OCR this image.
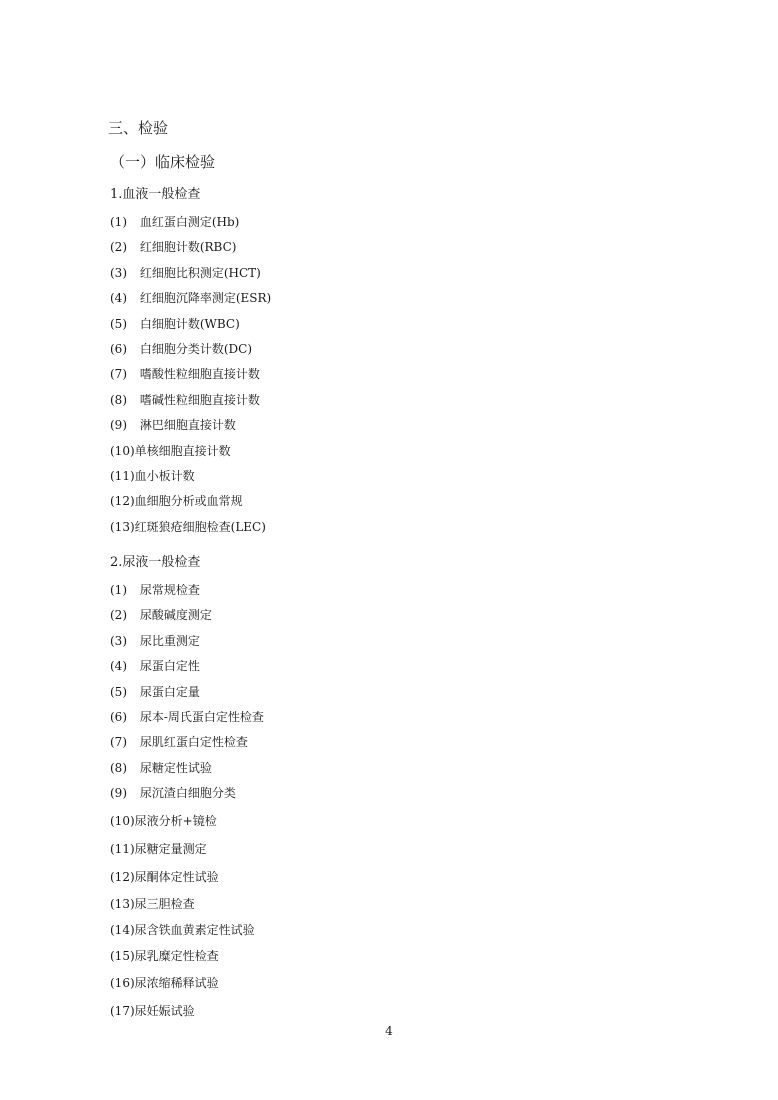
三、检验
（一）临床检验
1.血液一般检查
(1) 血红蛋白测定(Hb)
(2) 红细胞计数(RBC)
(3) 红细胞比积测定(HCT)
(4) 红细胞沉降率测定(ESR)
(5) 白细胞计数(WBC)
(6) 白细胞分类计数(DC)
(7) 嗜酸性粒细胞直接计数
(8) 嗜碱性粒细胞直接计数
(9) 淋巴细胞直接计数
(10)单核细胞直接计数
(11)血小板计数
(12)血细胞分析或血常规
(13)红斑狼疮细胞检查(LEC)
2.尿液一般检查
(1) 尿常规检查
(2) 尿酸碱度测定
(3) 尿比重测定
(4) 尿蛋白定性
(5) 尿蛋白定量
(6) 尿本-周氏蛋白定性检查
(7) 尿肌红蛋白定性检查
(8) 尿糖定性试验
(9) 尿沉渣白细胞分类
(10)尿液分析+镜检
(11)尿糖定量测定
(12)尿酮体定性试验
(13)尿三胆检查
(14)尿含铁血黄素定性试验
(15)尿乳糜定性检查
(16)尿浓缩稀释试验
(17)尿妊娠试验
4
